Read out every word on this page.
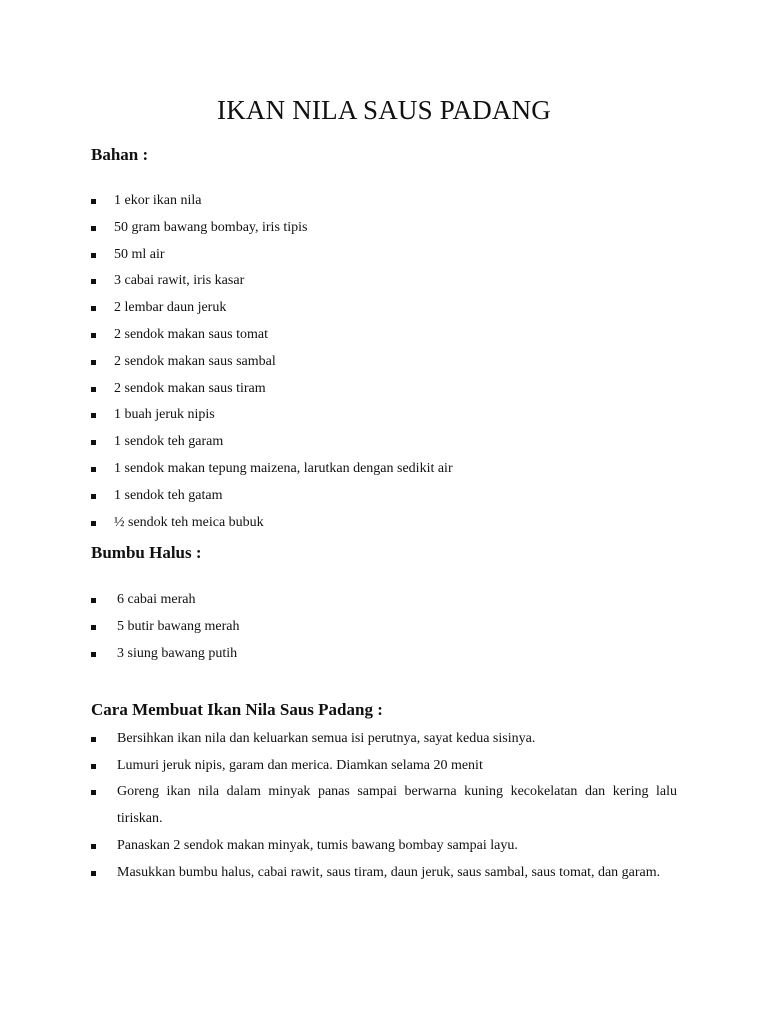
IKAN NILA SAUS PADANG
Bahan :
1 ekor ikan nila
50 gram bawang bombay, iris tipis
50 ml air
3 cabai rawit, iris kasar
2 lembar daun jeruk
2 sendok makan saus tomat
2 sendok makan saus sambal
2 sendok makan saus tiram
1 buah jeruk nipis
1 sendok teh garam
1 sendok makan tepung maizena, larutkan dengan sedikit air
1 sendok teh gatam
½ sendok teh meica bubuk
Bumbu Halus :
6 cabai merah
5 butir bawang merah
3 siung bawang putih
Cara Membuat Ikan Nila Saus Padang :
Bersihkan ikan nila dan keluarkan semua isi perutnya, sayat kedua sisinya.
Lumuri jeruk nipis, garam dan merica. Diamkan selama 20 menit
Goreng ikan nila dalam minyak panas sampai berwarna kuning kecokelatan dan kering lalu tiriskan.
Panaskan 2 sendok makan minyak, tumis bawang bombay sampai layu.
Masukkan bumbu halus, cabai rawit, saus tiram, daun jeruk, saus sambal, saus tomat, dan garam.
